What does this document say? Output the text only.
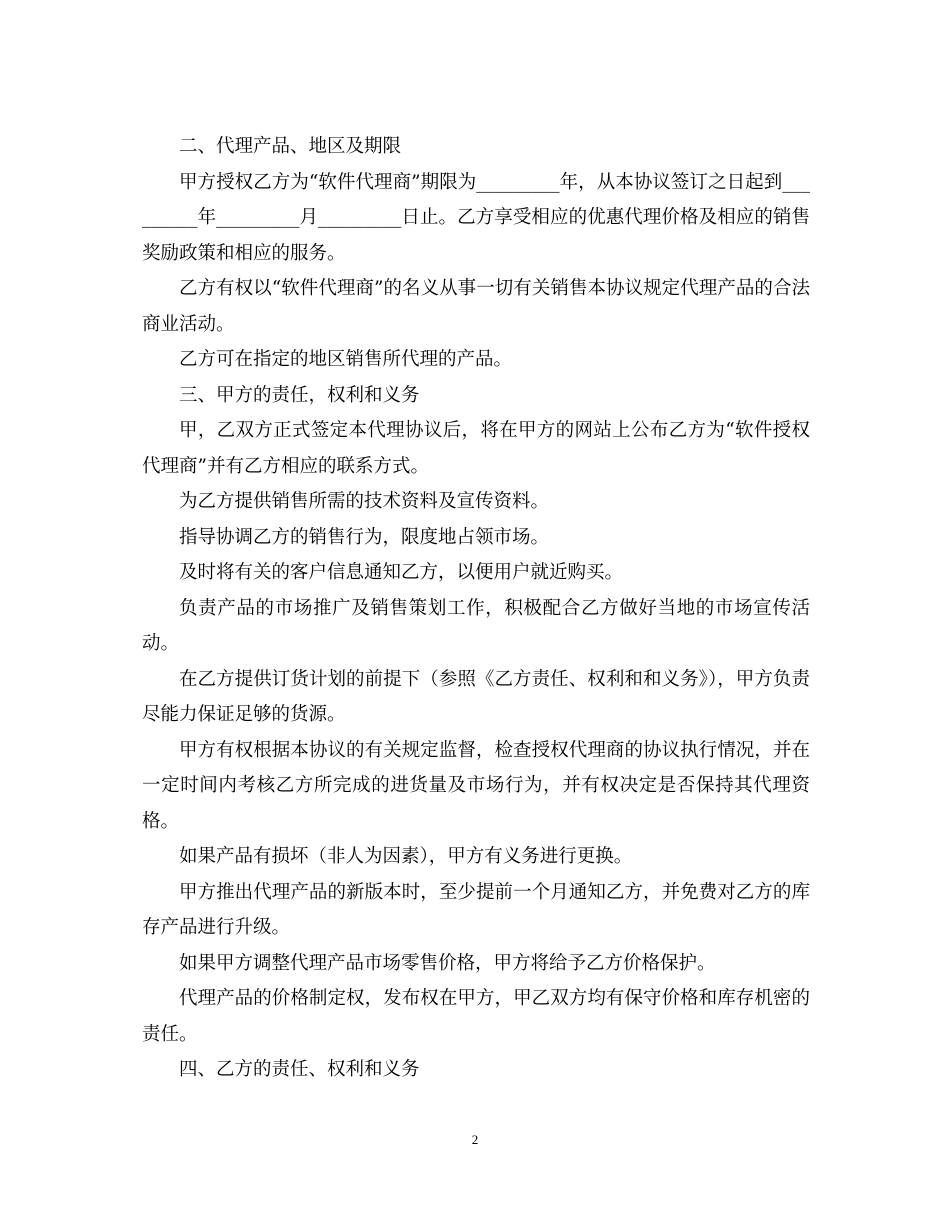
二、代理产品、地区及期限

甲方授权乙方为“软件代理商”期限为_________年，从本协议签订之日起到_________年_________月_________日止。乙方享受相应的优惠代理价格及相应的销售奖励政策和相应的服务。

乙方有权以“软件代理商”的名义从事一切有关销售本协议规定代理产品的合法商业活动。

乙方可在指定的地区销售所代理的产品。

三、甲方的责任，权利和义务

甲，乙双方正式签定本代理协议后，将在甲方的网站上公布乙方为“软件授权代理商”并有乙方相应的联系方式。

为乙方提供销售所需的技术资料及宣传资料。

指导协调乙方的销售行为，限度地占领市场。

及时将有关的客户信息通知乙方，以便用户就近购买。

负责产品的市场推广及销售策划工作，积极配合乙方做好当地的市场宣传活动。

在乙方提供订货计划的前提下（参照《乙方责任、权利和和义务》），甲方负责尽能力保证足够的货源。

甲方有权根据本协议的有关规定监督，检查授权代理商的协议执行情况，并在一定时间内考核乙方所完成的进货量及市场行为，并有权决定是否保持其代理资格。

如果产品有损坏（非人为因素），甲方有义务进行更换。

甲方推出代理产品的新版本时，至少提前一个月通知乙方，并免费对乙方的库存产品进行升级。

如果甲方调整代理产品市场零售价格，甲方将给予乙方价格保护。

代理产品的价格制定权，发布权在甲方，甲乙双方均有保守价格和库存机密的责任。

四、乙方的责任、权利和义务

2
